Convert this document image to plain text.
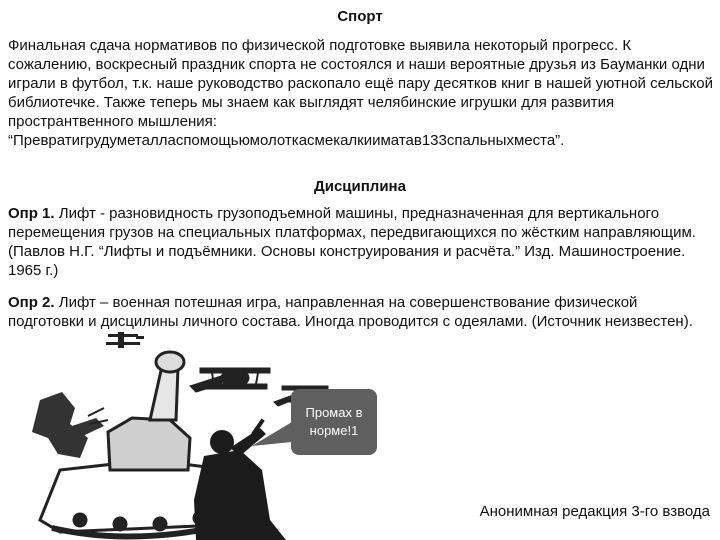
Спорт

Финальная сдача нормативов по физической подготовке выявила некоторый прогресс. К сожалению, воскресный праздник спорта не состоялся и наши вероятные друзья из Бауманки одни играли в футбол, т.к. наше руководство раскопало ещё пару десятков книг в нашей уютной сельской библиотечке. Также теперь мы знаем как выглядят челябинские игрушки для развития пространтвенного мышления: “Превратигрудуметалласпомощьюмолоткасмекалкииматав133спальныхместа”.

Дисциплина

Опр 1. Лифт - разновидность грузоподъемной машины, предназначенная для вертикального перемещения грузов на специальных платформах, передвигающихся по жёстким направляющим. (Павлов Н.Г. “Лифты и подъёмники. Основы конструирования и расчёта.” Изд. Машиностроение. 1965 г.)

Опр 2. Лифт – военная потешная игра, направленная на совершенствование физической подготовки и дисцилины личного состава. Иногда проводится с одеялами. (Источник неизвестен).

Промах в
норме!1
Анонимная редакция 3-го взвода
